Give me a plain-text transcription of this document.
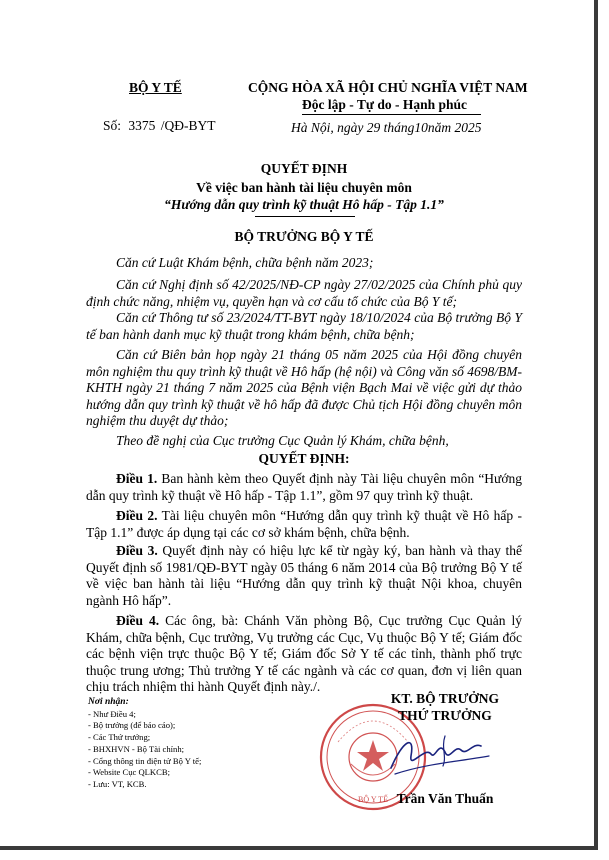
BỘ Y TẾ	CỘNG HÒA XÃ HỘI CHỦ NGHĨA VIỆT NAM
Độc lập - Tự do - Hạnh phúc
Số: 3375 /QĐ-BYT	Hà Nội, ngày 29 tháng10năm 2025
QUYẾT ĐỊNH
Về việc ban hành tài liệu chuyên môn
“Hướng dẫn quy trình kỹ thuật Hô hấp - Tập 1.1”
BỘ TRƯỞNG BỘ Y TẾ
Căn cứ Luật Khám bệnh, chữa bệnh năm 2023;
Căn cứ Nghị định số 42/2025/NĐ-CP ngày 27/02/2025 của Chính phủ quy định chức năng, nhiệm vụ, quyền hạn và cơ cấu tổ chức của Bộ Y tế;
Căn cứ Thông tư số 23/2024/TT-BYT ngày 18/10/2024 của Bộ trưởng Bộ Y tế ban hành danh mục kỹ thuật trong khám bệnh, chữa bệnh;
Căn cứ Biên bản họp ngày 21 tháng 05 năm 2025 của Hội đồng chuyên môn nghiệm thu quy trình kỹ thuật về Hô hấp (hệ nội) và Công văn số 4698/BM-KHTH ngày 21 tháng 7 năm 2025 của Bệnh viện Bạch Mai về việc gửi dự thảo hướng dẫn quy trình kỹ thuật về hô hấp đã được Chủ tịch Hội đồng chuyên môn nghiệm thu duyệt dự thảo;
Theo đề nghị của Cục trưởng Cục Quản lý Khám, chữa bệnh,
QUYẾT ĐỊNH:
Điều 1. Ban hành kèm theo Quyết định này Tài liệu chuyên môn “Hướng dẫn quy trình kỹ thuật về Hô hấp - Tập 1.1”, gồm 97 quy trình kỹ thuật.
Điều 2. Tài liệu chuyên môn “Hướng dẫn quy trình kỹ thuật về Hô hấp - Tập 1.1” được áp dụng tại các cơ sở khám bệnh, chữa bệnh.
Điều 3. Quyết định này có hiệu lực kể từ ngày ký, ban hành và thay thế Quyết định số 1981/QĐ-BYT ngày 05 tháng 6 năm 2014 của Bộ trưởng Bộ Y tế về việc ban hành tài liệu “Hướng dẫn quy trình kỹ thuật Nội khoa, chuyên ngành Hô hấp”.
Điều 4. Các ông, bà: Chánh Văn phòng Bộ, Cục trưởng Cục Quản lý Khám, chữa bệnh, Cục trưởng, Vụ trưởng các Cục, Vụ thuộc Bộ Y tế; Giám đốc các bệnh viện trực thuộc Bộ Y tế; Giám đốc Sở Y tế các tỉnh, thành phố trực thuộc trung ương; Thủ trưởng Y tế các ngành và các cơ quan, đơn vị liên quan chịu trách nhiệm thi hành Quyết định này./.
Nơi nhận:
- Như Điều 4;
- Bộ trưởng (để báo cáo);
- Các Thứ trưởng;
- BHXHVN - Bộ Tài chính;
- Cổng thông tin điện tử Bộ Y tế;
- Website Cục QLKCB;
- Lưu: VT, KCB.
BỘ Y TẾ
KT. BỘ TRƯỞNG
THỨ TRƯỞNG
Trần Văn Thuấn
